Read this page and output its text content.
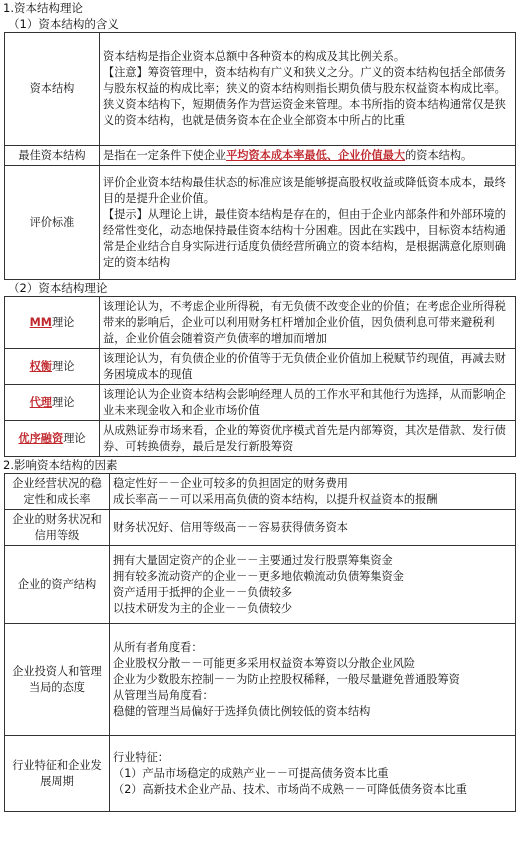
1.资本结构理论
（1）资本结构的含义
资本结构	资本结构是指企业资本总额中各种资本的构成及其比例关系。
【注意】筹资管理中，资本结构有广义和狭义之分。广义的资本结构包括全部债务与股东权益的构成比率；狭义的资本结构则指长期负债与股东权益资本构成比率。狭义资本结构下，短期债务作为营运资金来管理。本书所指的资本结构通常仅是狭义的资本结构，也就是债务资本在企业全部资本中所占的比重

最佳资本结构	是指在一定条件下使企业平均资本成本率最低、企业价值最大的资本结构。
评价标准	评价企业资本结构最佳状态的标准应该是能够提高股权收益或降低资本成本，最终目的是提升企业价值。
【提示】从理论上讲，最佳资本结构是存在的，但由于企业内部条件和外部环境的经常性变化，动态地保持最佳资本结构十分困难。因此在实践中，目标资本结构通常是企业结合自身实际进行适度负债经营所确立的资本结构，是根据满意化原则确定的资本结构
（2）资本结构理论
MM理论	该理论认为，不考虑企业所得税，有无负债不改变企业的价值；在考虑企业所得税带来的影响后，企业可以利用财务杠杆增加企业价值，因负债利息可带来避税利益，企业价值会随着资产负债率的增加而增加
权衡理论	该理论认为，有负债企业的价值等于无负债企业价值加上税赋节约现值，再减去财务困境成本的现值
代理理论	该理论认为企业资本结构会影响经理人员的工作水平和其他行为选择，从而影响企业未来现金收入和企业市场价值
优序融资理论	从成熟证券市场来看，企业的筹资优序模式首先是内部筹资，其次是借款、发行债券、可转换债券，最后是发行新股筹资
2.影响资本结构的因素
企业经营状况的稳定性和成长率	稳定性好－－企业可较多的负担固定的财务费用
成长率高－－可以采用高负债的资本结构，以提升权益资本的报酬

企业的财务状况和信用等级	财务状况好、信用等级高－－容易获得债务资本

企业的资产结构	拥有大量固定资产的企业－－主要通过发行股票筹集资金
拥有较多流动资产的企业－－更多地依赖流动负债筹集资金
资产适用于抵押的企业－－负债较多
以技术研发为主的企业－－负债较少

企业投资人和管理当局的态度	从所有者角度看：
企业股权分散－－可能更多采用权益资本筹资以分散企业风险
企业为少数股东控制－－为防止控股权稀释，一般尽量避免普通股筹资
从管理当局角度看：
稳健的管理当局偏好于选择负债比例较低的资本结构

行业特征和企业发展周期	行业特征：
（1）产品市场稳定的成熟产业－－可提高债务资本比重
（2）高新技术企业产品、技术、市场尚不成熟－－可降低债务资本比重
